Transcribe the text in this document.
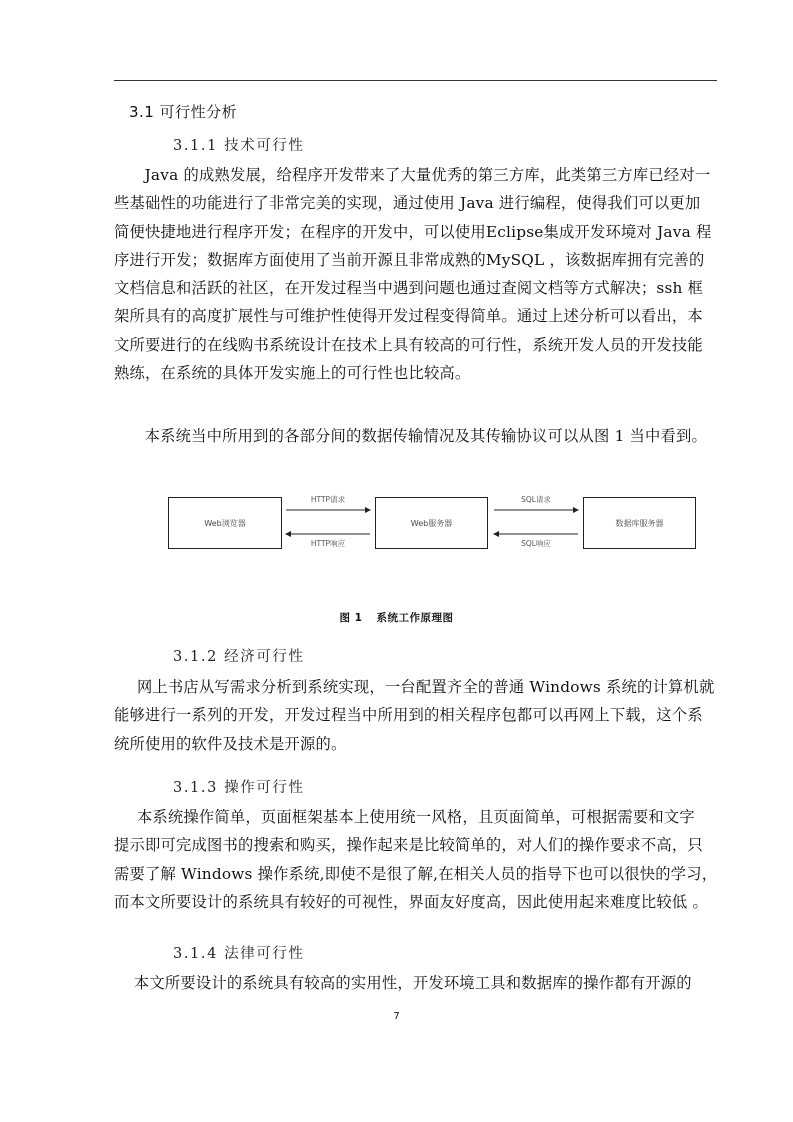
3.1 可行性分析
3.1.1 技术可行性
Java 的成熟发展，给程序开发带来了大量优秀的第三方库，此类第三方库已经对一
些基础性的功能进行了非常完美的实现，通过使用 Java 进行编程，使得我们可以更加
简便快捷地进行程序开发；在程序的开发中，可以使用Eclipse集成开发环境对 Java 程
序进行开发；数据库方面使用了当前开源且非常成熟的MySQL ，该数据库拥有完善的
文档信息和活跃的社区，在开发过程当中遇到问题也通过查阅文档等方式解决；ssh 框
架所具有的高度扩展性与可维护性使得开发过程变得简单。通过上述分析可以看出，本
文所要进行的在线购书系统设计在技术上具有较高的可行性，系统开发人员的开发技能
熟练，在系统的具体开发实施上的可行性也比较高。
本系统当中所用到的各部分间的数据传输情况及其传输协议可以从图 1 当中看到。
Web浏览器	Web服务器	数据库服务器
HTTP请求
HTTP响应
SQL请求
SQL响应
图 1 系统工作原理图
3.1.2 经济可行性
网上书店从写需求分析到系统实现，一台配置齐全的普通 Windows 系统的计算机就
能够进行一系列的开发，开发过程当中所用到的相关程序包都可以再网上下载，这个系
统所使用的软件及技术是开源的。
3.1.3 操作可行性
本系统操作简单，页面框架基本上使用统一风格，且页面简单，可根据需要和文字
提示即可完成图书的搜索和购买，操作起来是比较简单的，对人们的操作要求不高，只
需要了解 Windows 操作系统,即使不是很了解,在相关人员的指导下也可以很快的学习，
而本文所要设计的系统具有较好的可视性，界面友好度高，因此使用起来难度比较低 。
3.1.4 法律可行性
本文所要设计的系统具有较高的实用性，开发环境工具和数据库的操作都有开源的
7
